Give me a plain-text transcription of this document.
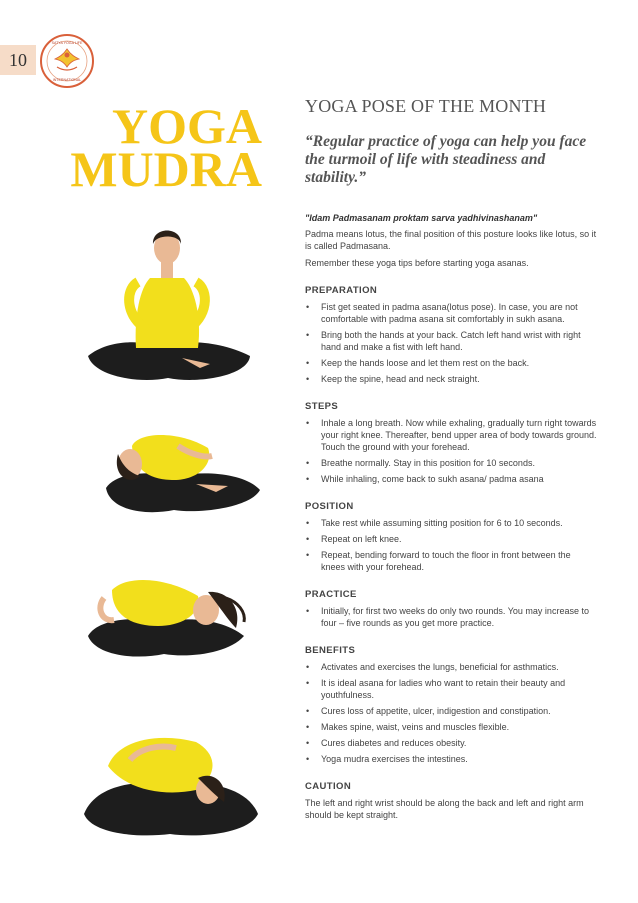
10
SATYA YOGA LIFE
INTERNATIONAL
YOGA
MUDRA
YOGA POSE OF THE MONTH
“Regular practice of yoga can help you face the turmoil of life with steadiness and stability.”
"Idam Padmasanam proktam sarva yadhivinashanam"

Padma means lotus, the final position of this posture looks like lotus, so it is called Padmasana.

Remember these yoga tips before starting yoga asanas.

PREPARATION
• Fist get seated in padma asana(lotus pose). In case, you are not comfortable with padma asana sit comfortably in sukh asana.
• Bring both the hands at your back. Catch left hand wrist with right hand and make a fist with left hand.
• Keep the hands loose and let them rest on the back.
• Keep the spine, head and neck straight.
STEPS
• Inhale a long breath. Now while exhaling, gradually turn right towards your right knee. Thereafter, bend upper area of body towards ground. Touch the ground with your forehead.
• Breathe normally. Stay in this position for 10 seconds.
• While inhaling, come back to sukh asana/ padma asana
POSITION
• Take rest while assuming sitting position for 6 to 10 seconds.
• Repeat on left knee.
• Repeat, bending forward to touch the floor in front between the knees with your forehead.
PRACTICE
• Initially, for first two weeks do only two rounds. You may increase to four – five rounds as you get more practice.
BENEFITS
• Activates and exercises the lungs, beneficial for asthmatics.
• It is ideal asana for ladies who want to retain their beauty and youthfulness.
• Cures loss of appetite, ulcer, indigestion and constipation.
• Makes spine, waist, veins and muscles flexible.
• Cures diabetes and reduces obesity.
• Yoga mudra exercises the intestines.
CAUTION

The left and right wrist should be along the back and left and right arm should be kept straight.
